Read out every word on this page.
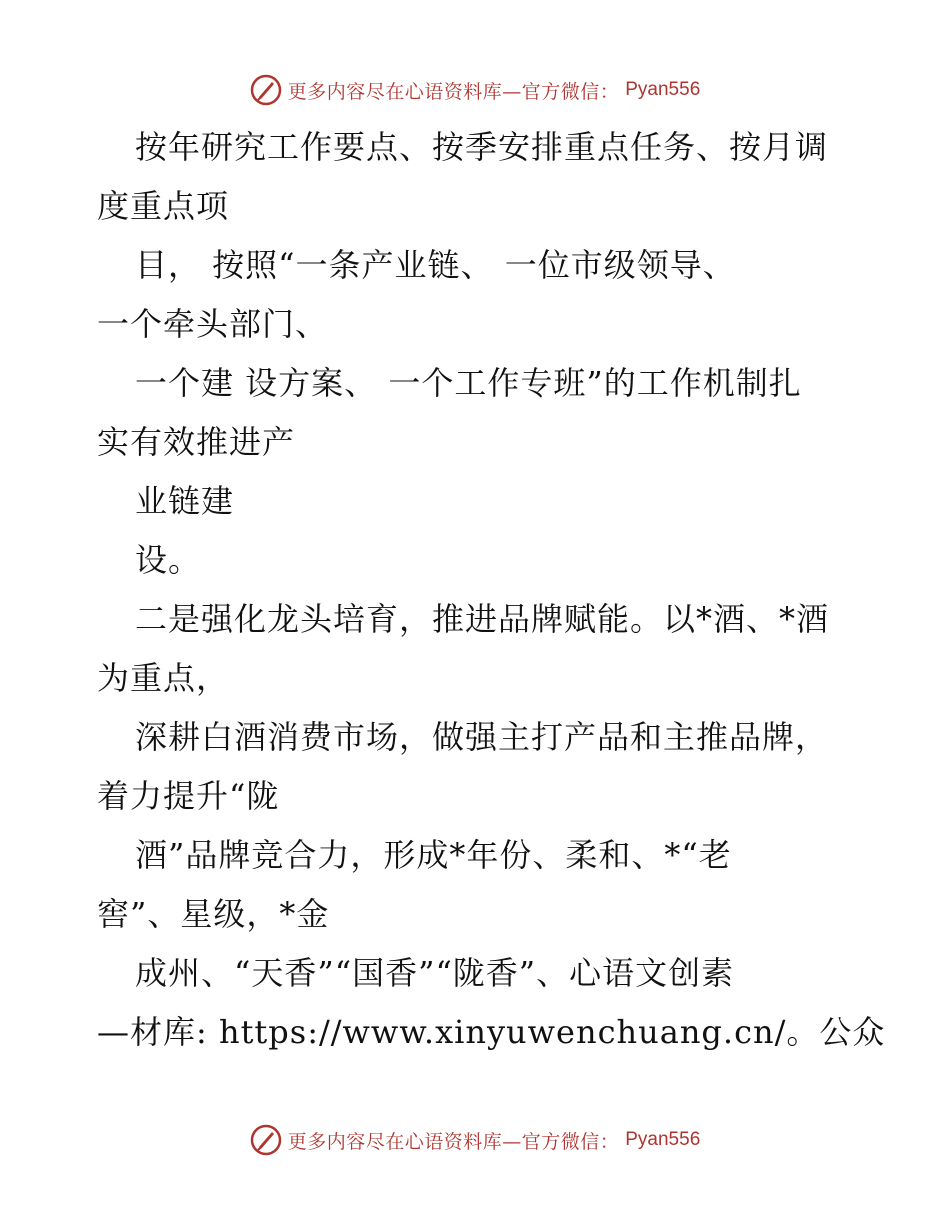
更多内容尽在心语资料库—官方微信： Pyan556
按年研究工作要点、按季安排重点任务、按月调
度重点项
目， 按照“一条产业链、 一位市级领导、
一个牵头部门、
一个建 设方案、 一个工作专班”的工作机制扎
实有效推进产
业链建
设。
二是强化龙头培育，推进品牌赋能。以*酒、*酒
为重点，
深耕白酒消费市场，做强主打产品和主推品牌，
着力提升“陇
酒”品牌竞合力，形成*年份、柔和、*“老
窖”、星级，*金
成州、“天香”“国香”“陇香”、心语文创素
—材库: https://www.xinyuwenchuang.cn/。公众
更多内容尽在心语资料库—官方微信： Pyan556
